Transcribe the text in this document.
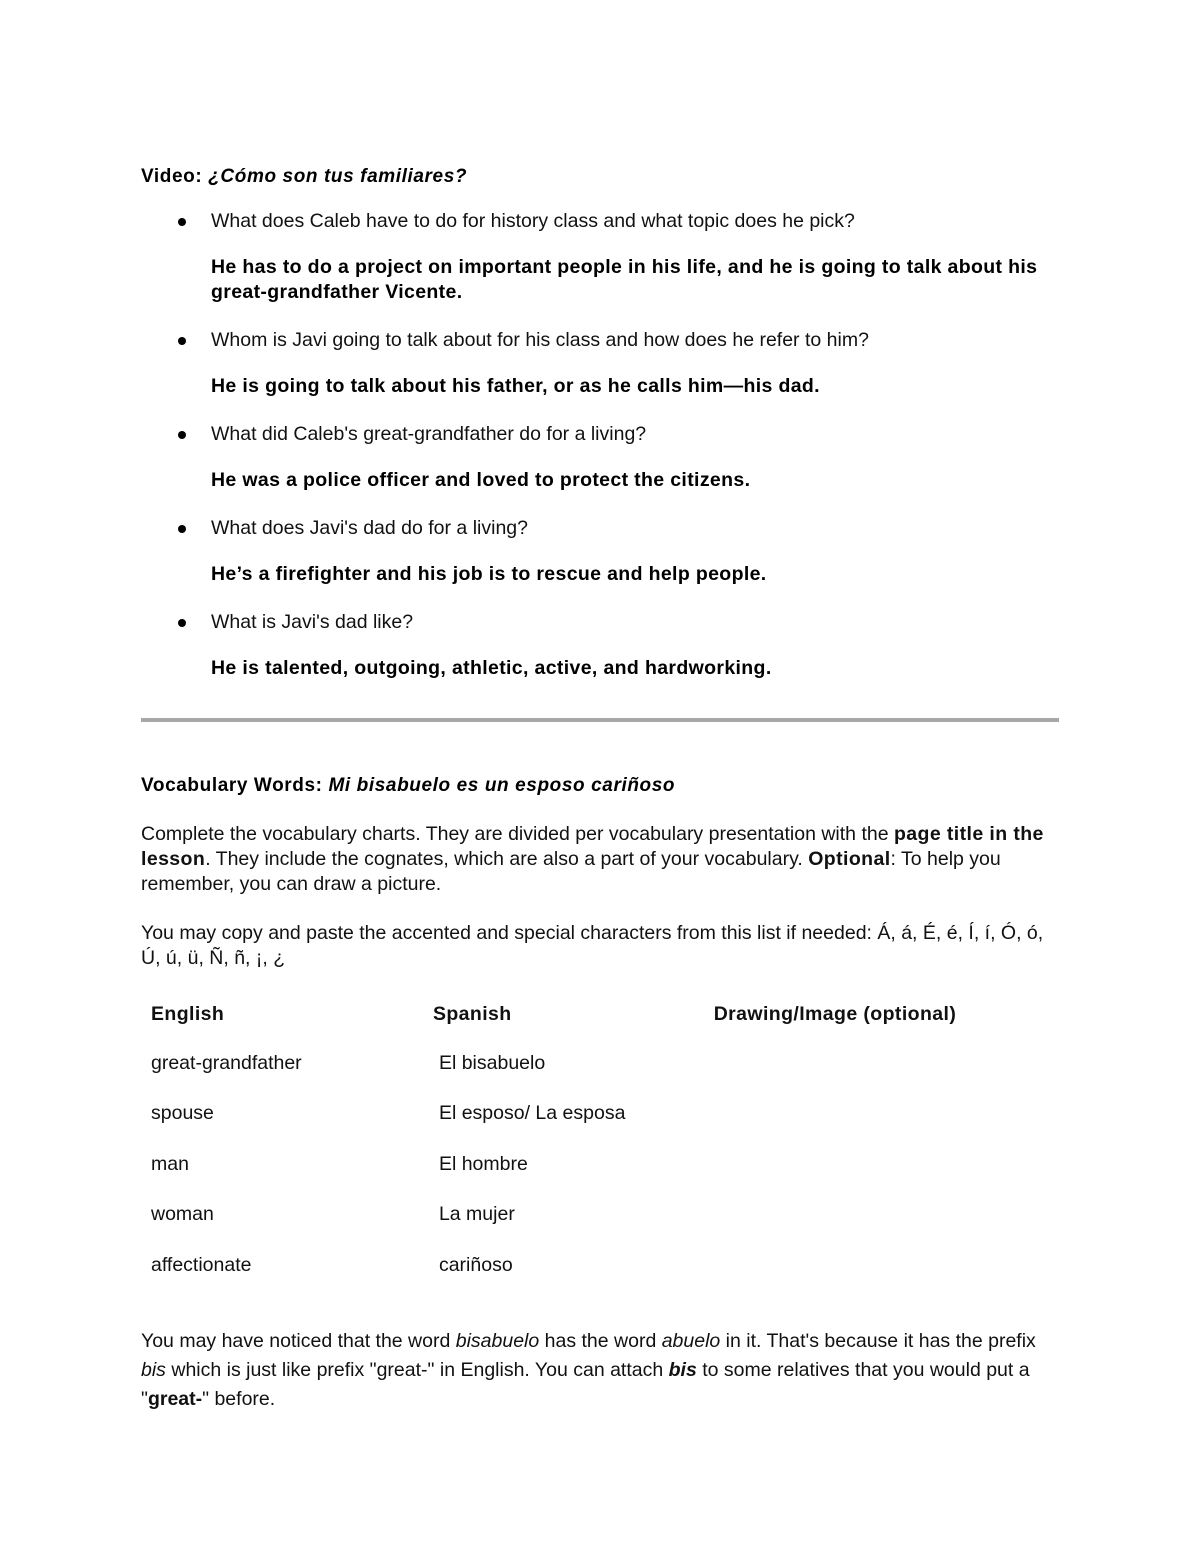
Video: ¿Cómo son tus familiares?

What does Caleb have to do for history class and what topic does he pick?

He has to do a project on important people in his life, and he is going to talk about his great-grandfather Vicente.

Whom is Javi going to talk about for his class and how does he refer to him?

He is going to talk about his father, or as he calls him—his dad.

What did Caleb's great-grandfather do for a living?

He was a police officer and loved to protect the citizens.

What does Javi's dad do for a living?

He’s a firefighter and his job is to rescue and help people.

What is Javi's dad like?

He is talented, outgoing, athletic, active, and hardworking.

Vocabulary Words: Mi bisabuelo es un esposo cariñoso

Complete the vocabulary charts. They are divided per vocabulary presentation with the page title in the lesson. They include the cognates, which are also a part of your vocabulary. Optional: To help you remember, you can draw a picture.

You may copy and paste the accented and special characters from this list if needed: Á, á, É, é, Í, í, Ó, ó, Ú, ú, ü, Ñ, ñ, ¡, ¿

English	Spanish	Drawing/Image (optional)
great-grandfather	El bisabuelo	
spouse	El esposo/ La esposa	
man	El hombre	
woman	La mujer	
affectionate	cariñoso	

You may have noticed that the word bisabuelo has the word abuelo in it. That's because it has the prefix bis which is just like prefix "great-" in English. You can attach bis to some relatives that you would put a "great-" before.
